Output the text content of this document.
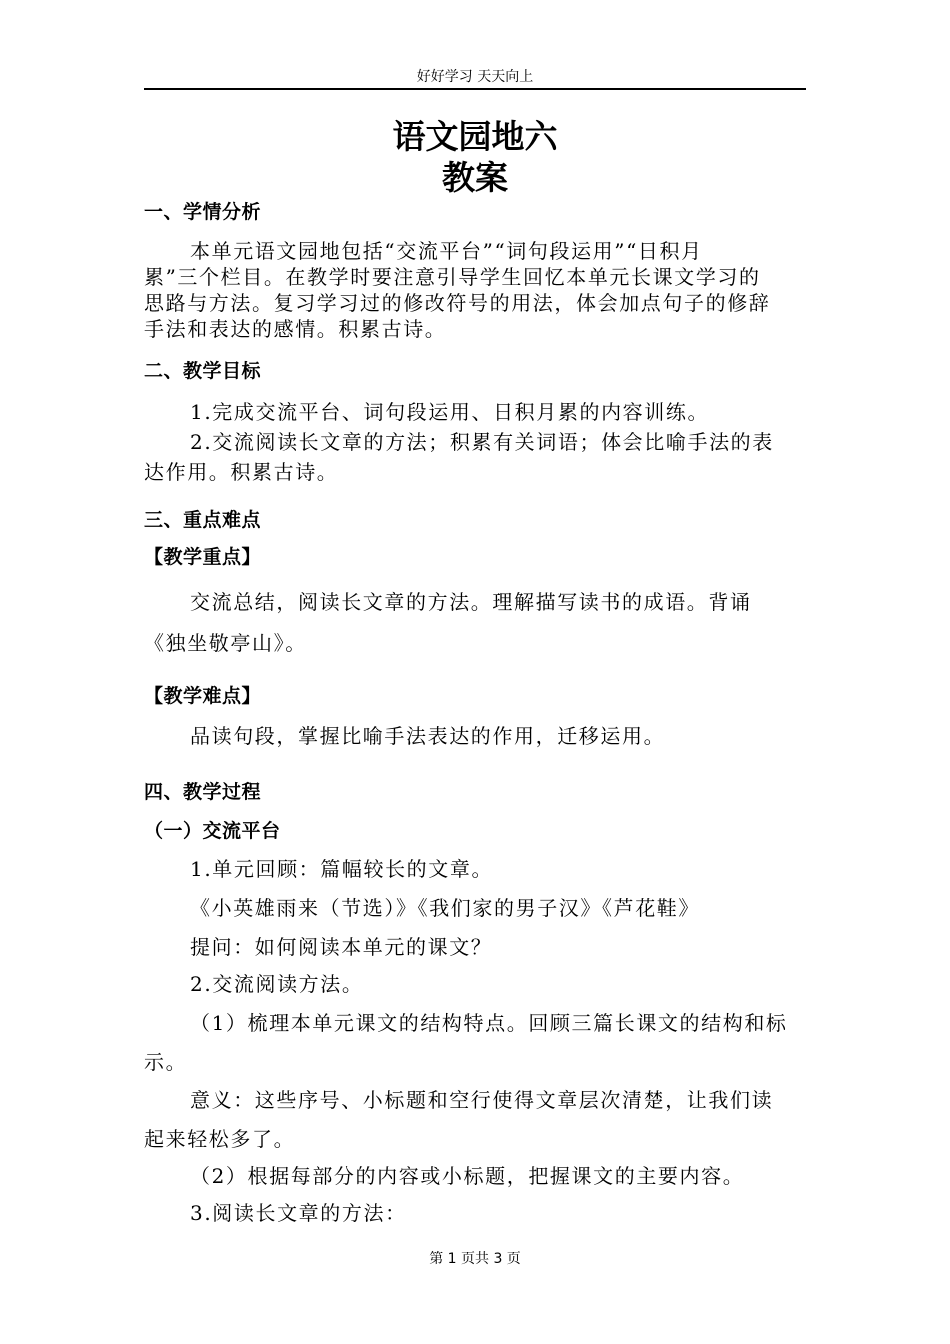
好好学习 天天向上
语文园地六
教案
一、学情分析
本单元语文园地包括“交流平台”“词句段运用”“日积月
累”三个栏目。在教学时要注意引导学生回忆本单元长课文学习的
思路与方法。复习学习过的修改符号的用法，体会加点句子的修辞
手法和表达的感情。积累古诗。
二、教学目标
1.完成交流平台、词句段运用、日积月累的内容训练。
2.交流阅读长文章的方法；积累有关词语；体会比喻手法的表
达作用。积累古诗。
三、重点难点
【教学重点】
交流总结，阅读长文章的方法。理解描写读书的成语。背诵
《独坐敬亭山》。
【教学难点】
品读句段，掌握比喻手法表达的作用，迁移运用。
四、教学过程
（一）交流平台
1.单元回顾：篇幅较长的文章。
《小英雄雨来（节选）》《我们家的男子汉》《芦花鞋》
提问：如何阅读本单元的课文？
2.交流阅读方法。
（1）梳理本单元课文的结构特点。回顾三篇长课文的结构和标
示。
意义：这些序号、小标题和空行使得文章层次清楚，让我们读
起来轻松多了。
（2）根据每部分的内容或小标题，把握课文的主要内容。
3.阅读长文章的方法：
第 1 页共 3 页
